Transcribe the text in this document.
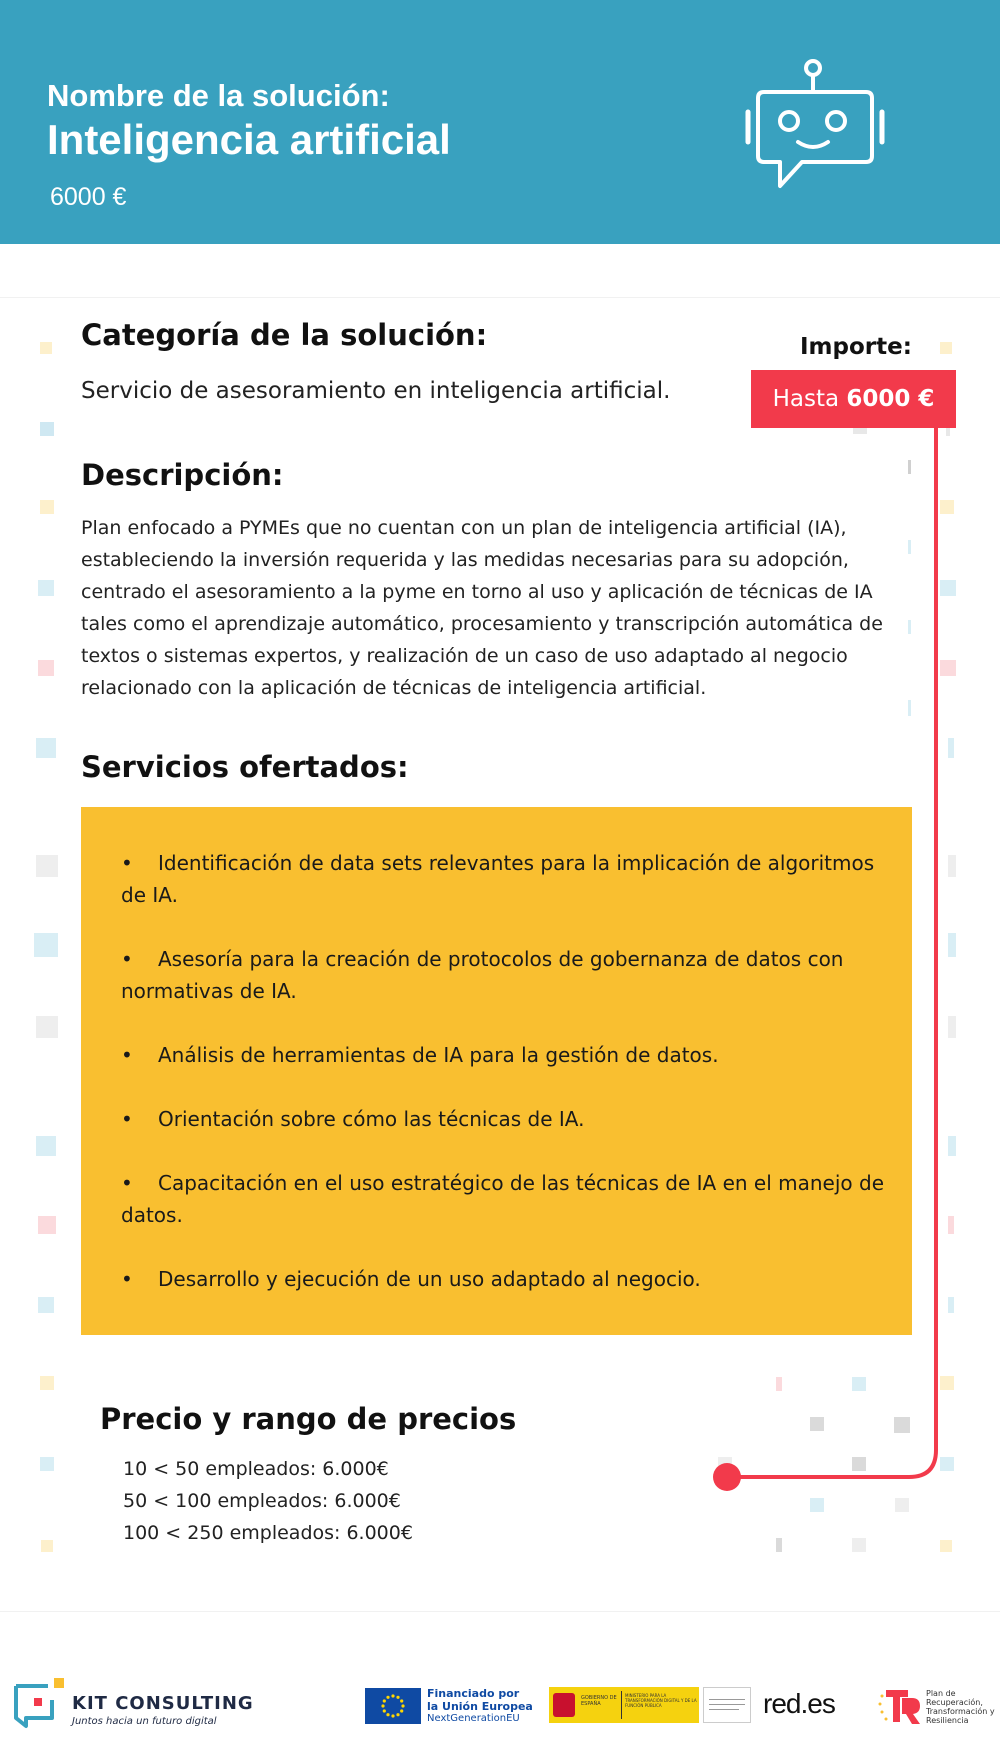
Nombre de la solución:
Inteligencia artificial
6000 €
Categoría de la solución:
Servicio de asesoramiento en inteligencia artificial.
Importe:
Hasta 6000 €
Descripción:
Plan enfocado a PYMEs que no cuentan con un plan de inteligencia artificial (IA), estableciendo la inversión requerida y las medidas necesarias para su adopción, centrado el asesoramiento a la pyme en torno al uso y aplicación de técnicas de IA tales como el aprendizaje automático, procesamiento y transcripción automática de textos o sistemas expertos, y realización de un caso de uso adaptado al negocio relacionado con la aplicación de técnicas de inteligencia artificial.
Servicios ofertados:
• Identificación de data sets relevantes para la implicación de algoritmos de IA.
• Asesoría para la creación de protocolos de gobernanza de datos con normativas de IA.
• Análisis de herramientas de IA para la gestión de datos.
• Orientación sobre cómo las técnicas de IA.
• Capacitación en el uso estratégico de las técnicas de IA en el manejo de datos.
• Desarrollo y ejecución de un uso adaptado al negocio.
Precio y rango de precios
10 < 50 empleados: 6.000€
50 < 100 empleados: 6.000€
100 < 250 empleados: 6.000€
KIT CONSULTING
Juntos hacia un futuro digital
Financiado por
la Unión Europea
NextGenerationEU
GOBIERNO DE ESPAÑA
MINISTERIO PARA LA TRANSFORMACIÓN DIGITAL Y DE LA FUNCIÓN PÚBLICA	red.es	Plan de Recuperación, Transformación y Resiliencia
